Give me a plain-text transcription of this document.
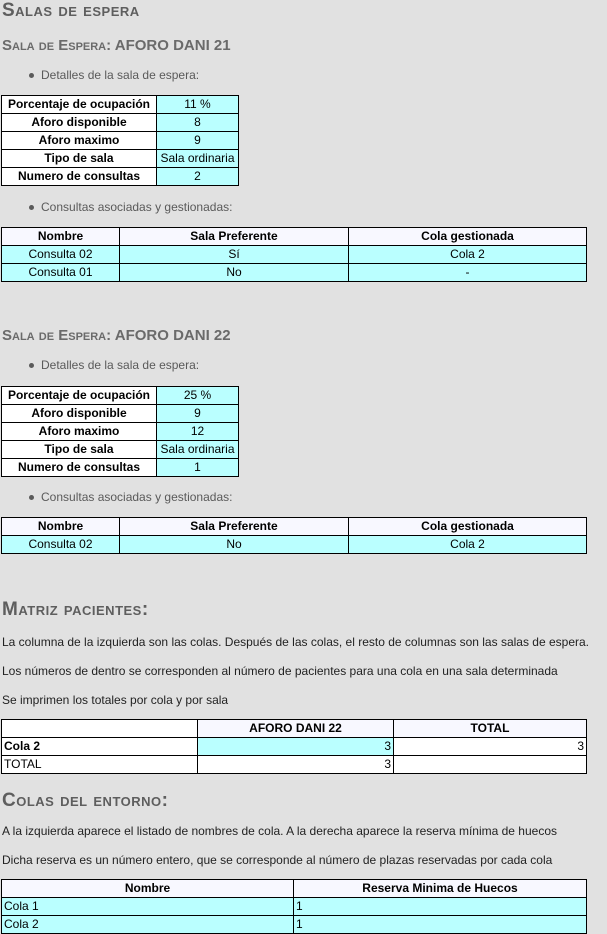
Salas de espera
Sala de Espera: AFORO DANI 21
Detalles de la sala de espera:
Porcentaje de ocupación	11 %
Aforo disponible	8
Aforo maximo	9
Tipo de sala	Sala ordinaria
Numero de consultas	2
Consultas asociadas y gestionadas:
Nombre	Sala Preferente	Cola gestionada
Consulta 02	Sí	Cola 2
Consulta 01	No	-
Sala de Espera: AFORO DANI 22
Detalles de la sala de espera:
Porcentaje de ocupación	25 %
Aforo disponible	9
Aforo maximo	12
Tipo de sala	Sala ordinaria
Numero de consultas	1
Consultas asociadas y gestionadas:
Nombre	Sala Preferente	Cola gestionada
Consulta 02	No	Cola 2
Matriz pacientes:
La columna de la izquierda son las colas. Después de las colas, el resto de columnas son las salas de espera.
Los números de dentro se corresponden al número de pacientes para una cola en una sala determinada
Se imprimen los totales por cola y por sala
	AFORO DANI 22	TOTAL
Cola 2	3	3
TOTAL	3	
Colas del entorno:
A la izquierda aparece el listado de nombres de cola. A la derecha aparece la reserva mínima de huecos
Dicha reserva es un número entero, que se corresponde al número de plazas reservadas por cada cola
Nombre	Reserva Minima de Huecos
Cola 1	1
Cola 2	1
